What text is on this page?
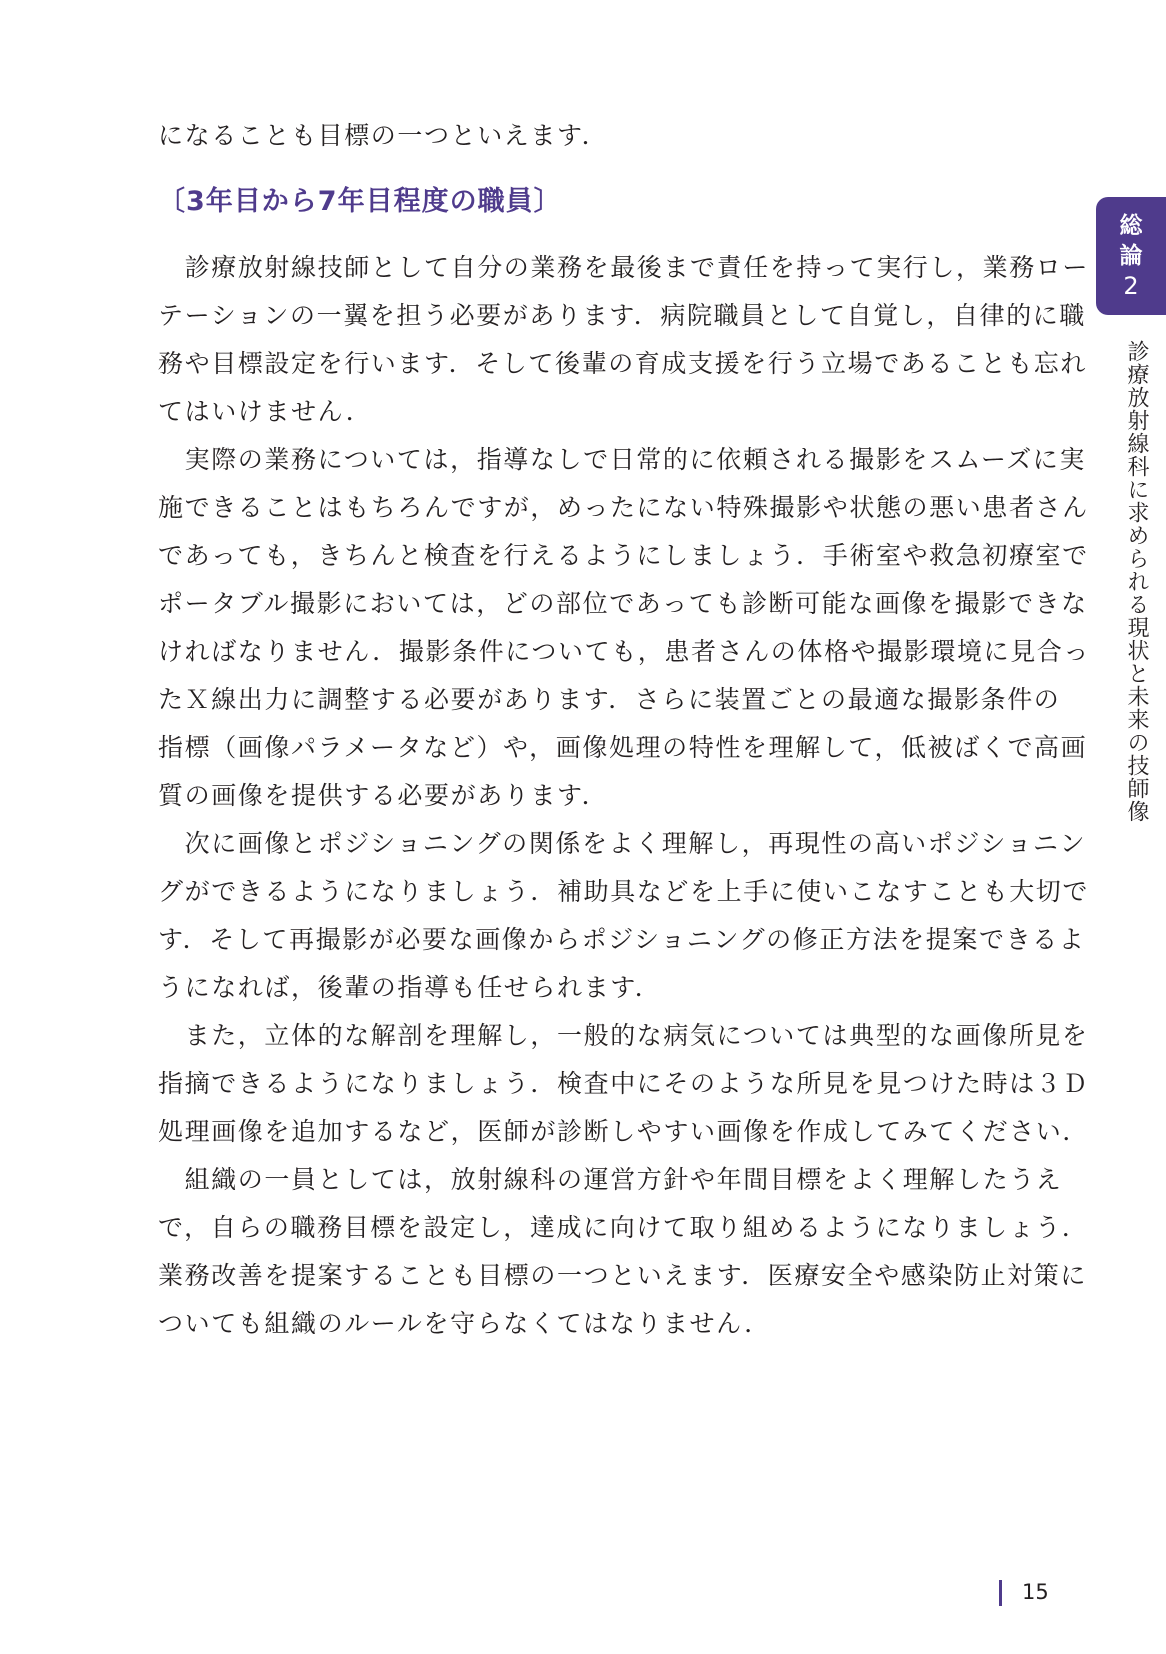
になることも目標の一つといえます．
〔3年目から7年目程度の職員〕
　診療放射線技師として自分の業務を最後まで責任を持って実行し，業務ロー
テーションの一翼を担う必要があります．病院職員として自覚し，自律的に職
務や目標設定を行います．そして後輩の育成支援を行う立場であることも忘れ
てはいけません．
　実際の業務については，指導なしで日常的に依頼される撮影をスムーズに実
施できることはもちろんですが，めったにない特殊撮影や状態の悪い患者さん
であっても，きちんと検査を行えるようにしましょう．手術室や救急初療室で
ポータブル撮影においては，どの部位であっても診断可能な画像を撮影できな
ければなりません．撮影条件についても，患者さんの体格や撮影環境に見合っ
たＸ線出力に調整する必要があります．さらに装置ごとの最適な撮影条件の
指標（画像パラメータなど）や，画像処理の特性を理解して，低被ばくで高画
質の画像を提供する必要があります．
　次に画像とポジショニングの関係をよく理解し，再現性の高いポジショニン
グができるようになりましょう．補助具などを上手に使いこなすことも大切で
す．そして再撮影が必要な画像からポジショニングの修正方法を提案できるよ
うになれば，後輩の指導も任せられます．
　また，立体的な解剖を理解し，一般的な病気については典型的な画像所見を
指摘できるようになりましょう．検査中にそのような所見を見つけた時は３Ｄ
処理画像を追加するなど，医師が診断しやすい画像を作成してみてください．
　組織の一員としては，放射線科の運営方針や年間目標をよく理解したうえ
で，自らの職務目標を設定し，達成に向けて取り組めるようになりましょう．
業務改善を提案することも目標の一つといえます．医療安全や感染防止対策に
ついても組織のルールを守らなくてはなりません．
総
論
2
診療放射線科に求められる現状と未来の技師像
15
